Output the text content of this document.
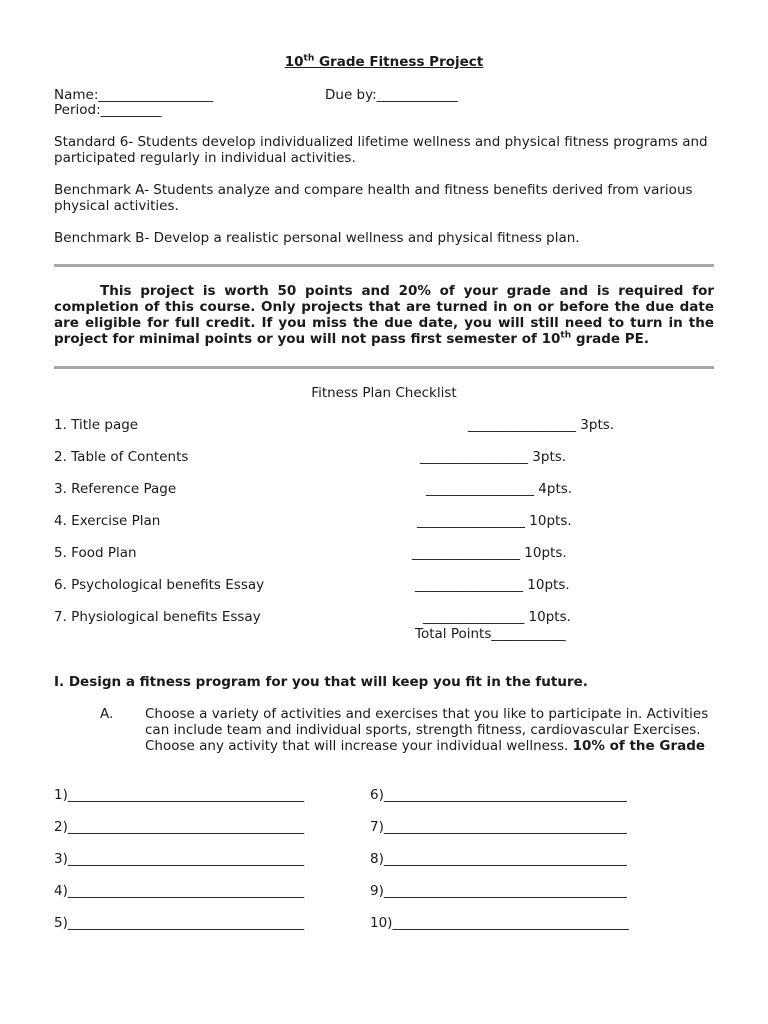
10th Grade Fitness Project
Name:_________________	Due by:____________
Period:_________
Standard 6- Students develop individualized lifetime wellness and physical fitness programs and participated regularly in individual activities.
Benchmark A- Students analyze and compare health and fitness benefits derived from various physical activities.
Benchmark B- Develop a realistic personal wellness and physical fitness plan.
This project is worth 50 points and 20% of your grade and is required for completion of this course. Only projects that are turned in on or before the due date are eligible for full credit. If you miss the due date, you will still need to turn in the project for minimal points or you will not pass first semester of 10th grade PE.
Fitness Plan Checklist
1. Title page	________________ 3pts.
2. Table of Contents	________________ 3pts.
3. Reference Page	________________ 4pts.
4. Exercise Plan	________________ 10pts.
5. Food Plan	________________ 10pts.
6. Psychological benefits Essay	________________ 10pts.
7. Physiological benefits Essay	_______________ 10pts.
Total Points___________
I. Design a fitness program for you that will keep you fit in the future.
A. Choose a variety of activities and exercises that you like to participate in. Activities can include team and individual sports, strength fitness, cardiovascular Exercises. Choose any activity that will increase your individual wellness. 10% of the Grade
1)___________________________________
2)___________________________________
3)___________________________________
4)___________________________________
5)___________________________________
6)____________________________________
7)____________________________________
8)____________________________________
9)____________________________________
10)___________________________________
